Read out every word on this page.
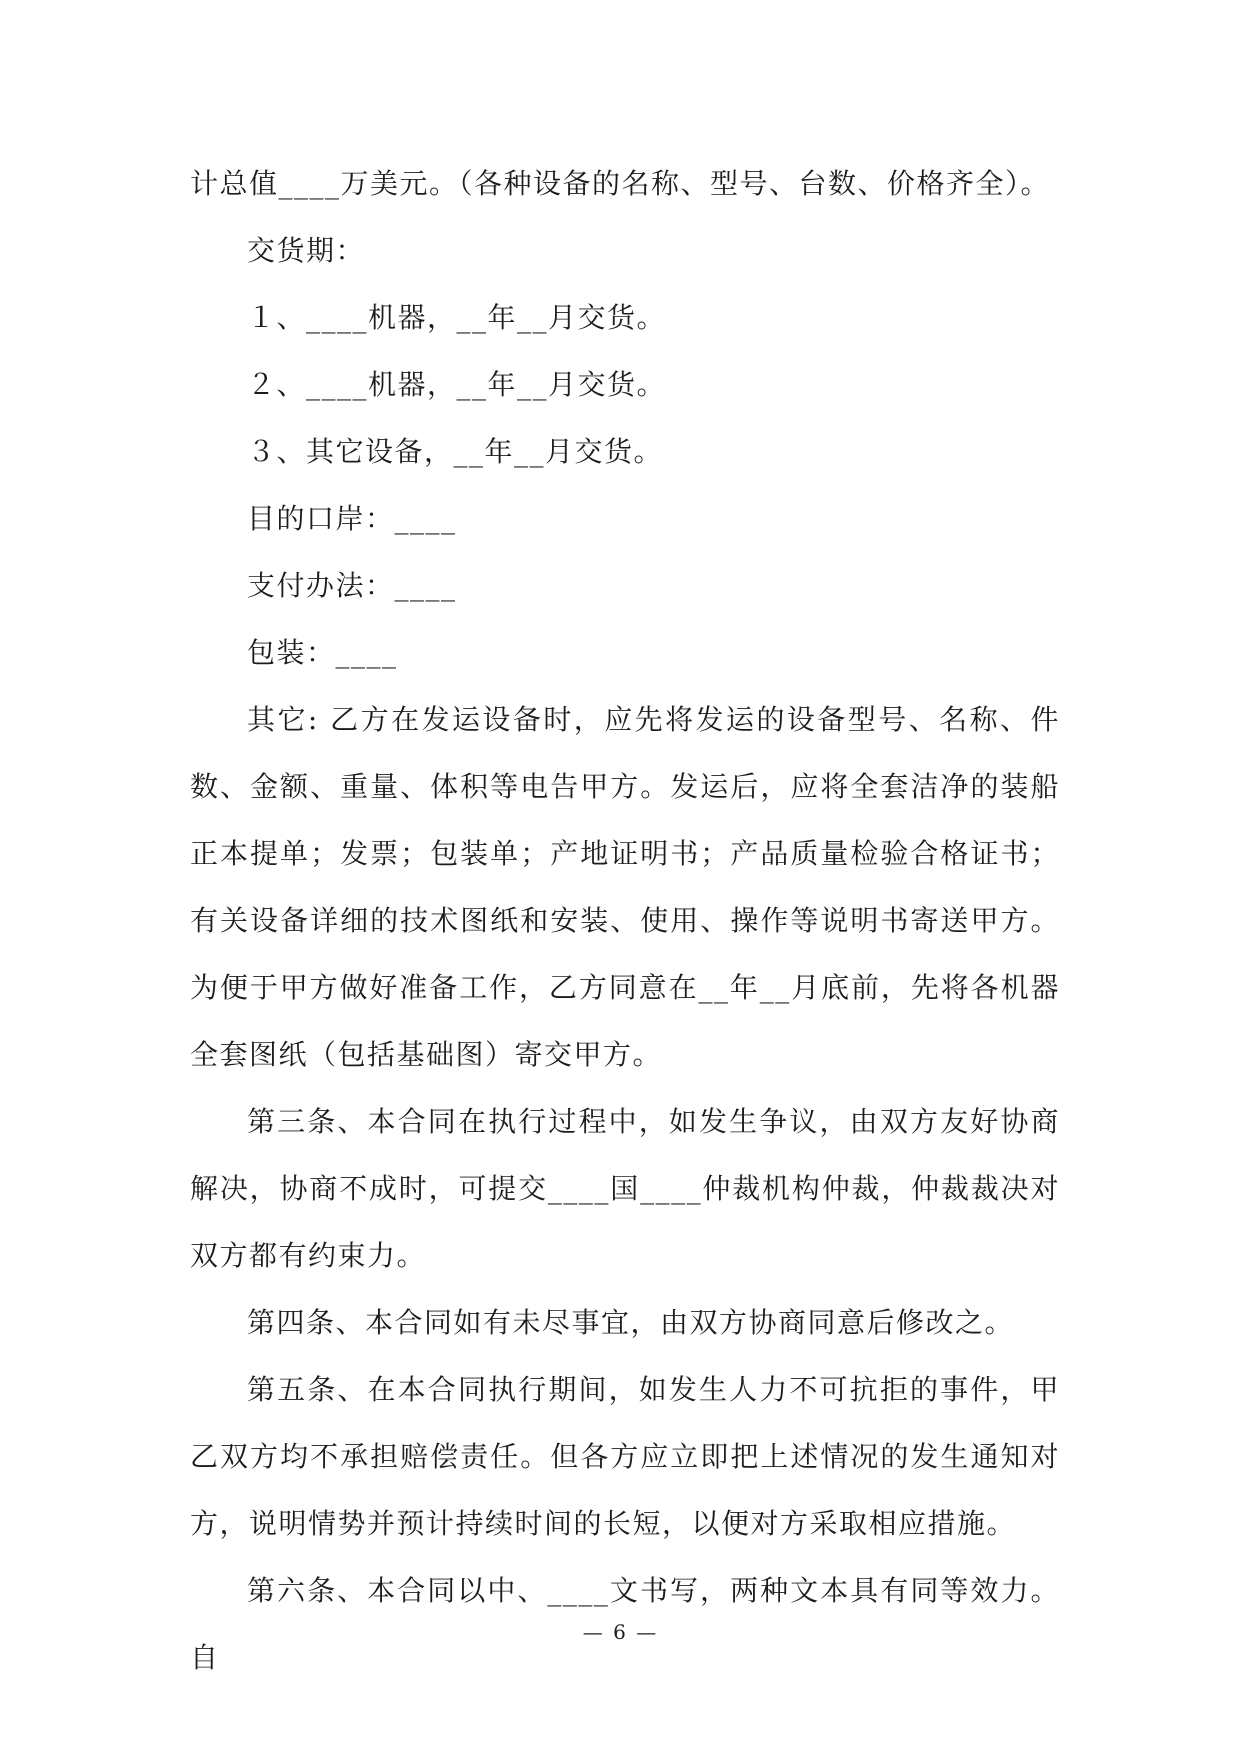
计总值____万美元。（各种设备的名称、型号、台数、价格齐全）。

交货期：

１、____机器，__年__月交货。

２、____机器，__年__月交货。

３、其它设备，__年__月交货。

目的口岸：____

支付办法：____

包装：____

其它: 乙方在发运设备时，应先将发运的设备型号、名称、件数、金额、重量、体积等电告甲方。发运后，应将全套洁净的装船正本提单；发票；包装单；产地证明书；产品质量检验合格证书；有关设备详细的技术图纸和安装、使用、操作等说明书寄送甲方。为便于甲方做好准备工作，乙方同意在__年__月底前，先将各机器全套图纸（包括基础图）寄交甲方。

第三条、本合同在执行过程中，如发生争议，由双方友好协商解决，协商不成时，可提交____国____仲裁机构仲裁，仲裁裁决对双方都有约束力。

第四条、本合同如有未尽事宜，由双方协商同意后修改之。

第五条、在本合同执行期间，如发生人力不可抗拒的事件，甲乙双方均不承担赔偿责任。但各方应立即把上述情况的发生通知对方，说明情势并预计持续时间的长短，以便对方采取相应措施。

第六条、本合同以中、____文书写，两种文本具有同等效力。自

— 6 —
